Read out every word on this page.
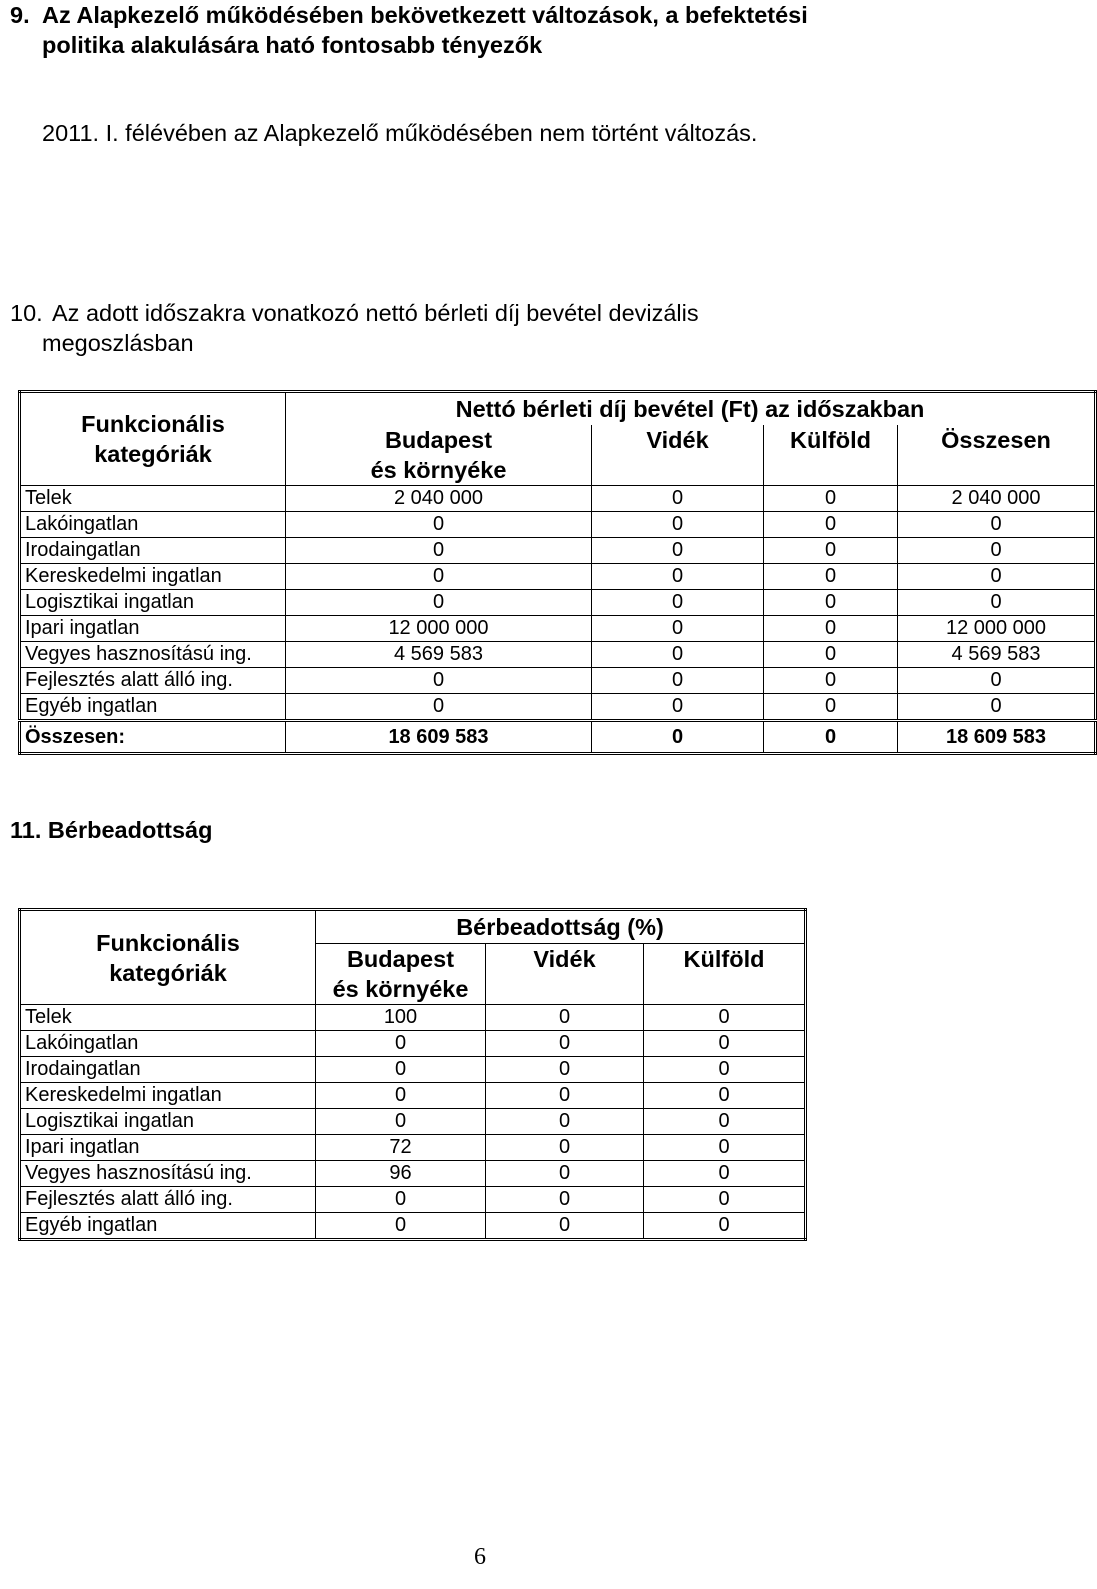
9. Az Alapkezelő működésében bekövetkezett változások, a befektetési
politika alakulására ható fontosabb tényezők

2011. I. félévében az Alapkezelő működésében nem történt változás.

10. Az adott időszakra vonatkozó nettó bérleti díj bevétel devizális
megoszlásban
Funkcionális
kategóriák	Nettó bérleti díj bevétel (Ft) az időszakban			
	Budapest
és környéke	Vidék	Külföld	Összesen
Telek	2 040 000	0	0	2 040 000
Lakóingatlan	0	0	0	0
Irodaingatlan	0	0	0	0
Kereskedelmi ingatlan	0	0	0	0
Logisztikai ingatlan	0	0	0	0
Ipari ingatlan	12 000 000	0	0	12 000 000
Vegyes hasznosítású ing.	4 569 583	0	0	4 569 583
Fejlesztés alatt álló ing.	0	0	0	0
Egyéb ingatlan	0	0	0	0
Összesen:	18 609 583	0	0	18 609 583
11. Bérbeadottság
Funkcionális
kategóriák	Bérbeadottság (%)		
	Budapest
és környéke	Vidék	Külföld
Telek	100	0	0
Lakóingatlan	0	0	0
Irodaingatlan	0	0	0
Kereskedelmi ingatlan	0	0	0
Logisztikai ingatlan	0	0	0
Ipari ingatlan	72	0	0
Vegyes hasznosítású ing.	96	0	0
Fejlesztés alatt álló ing.	0	0	0
Egyéb ingatlan	0	0	0
6
